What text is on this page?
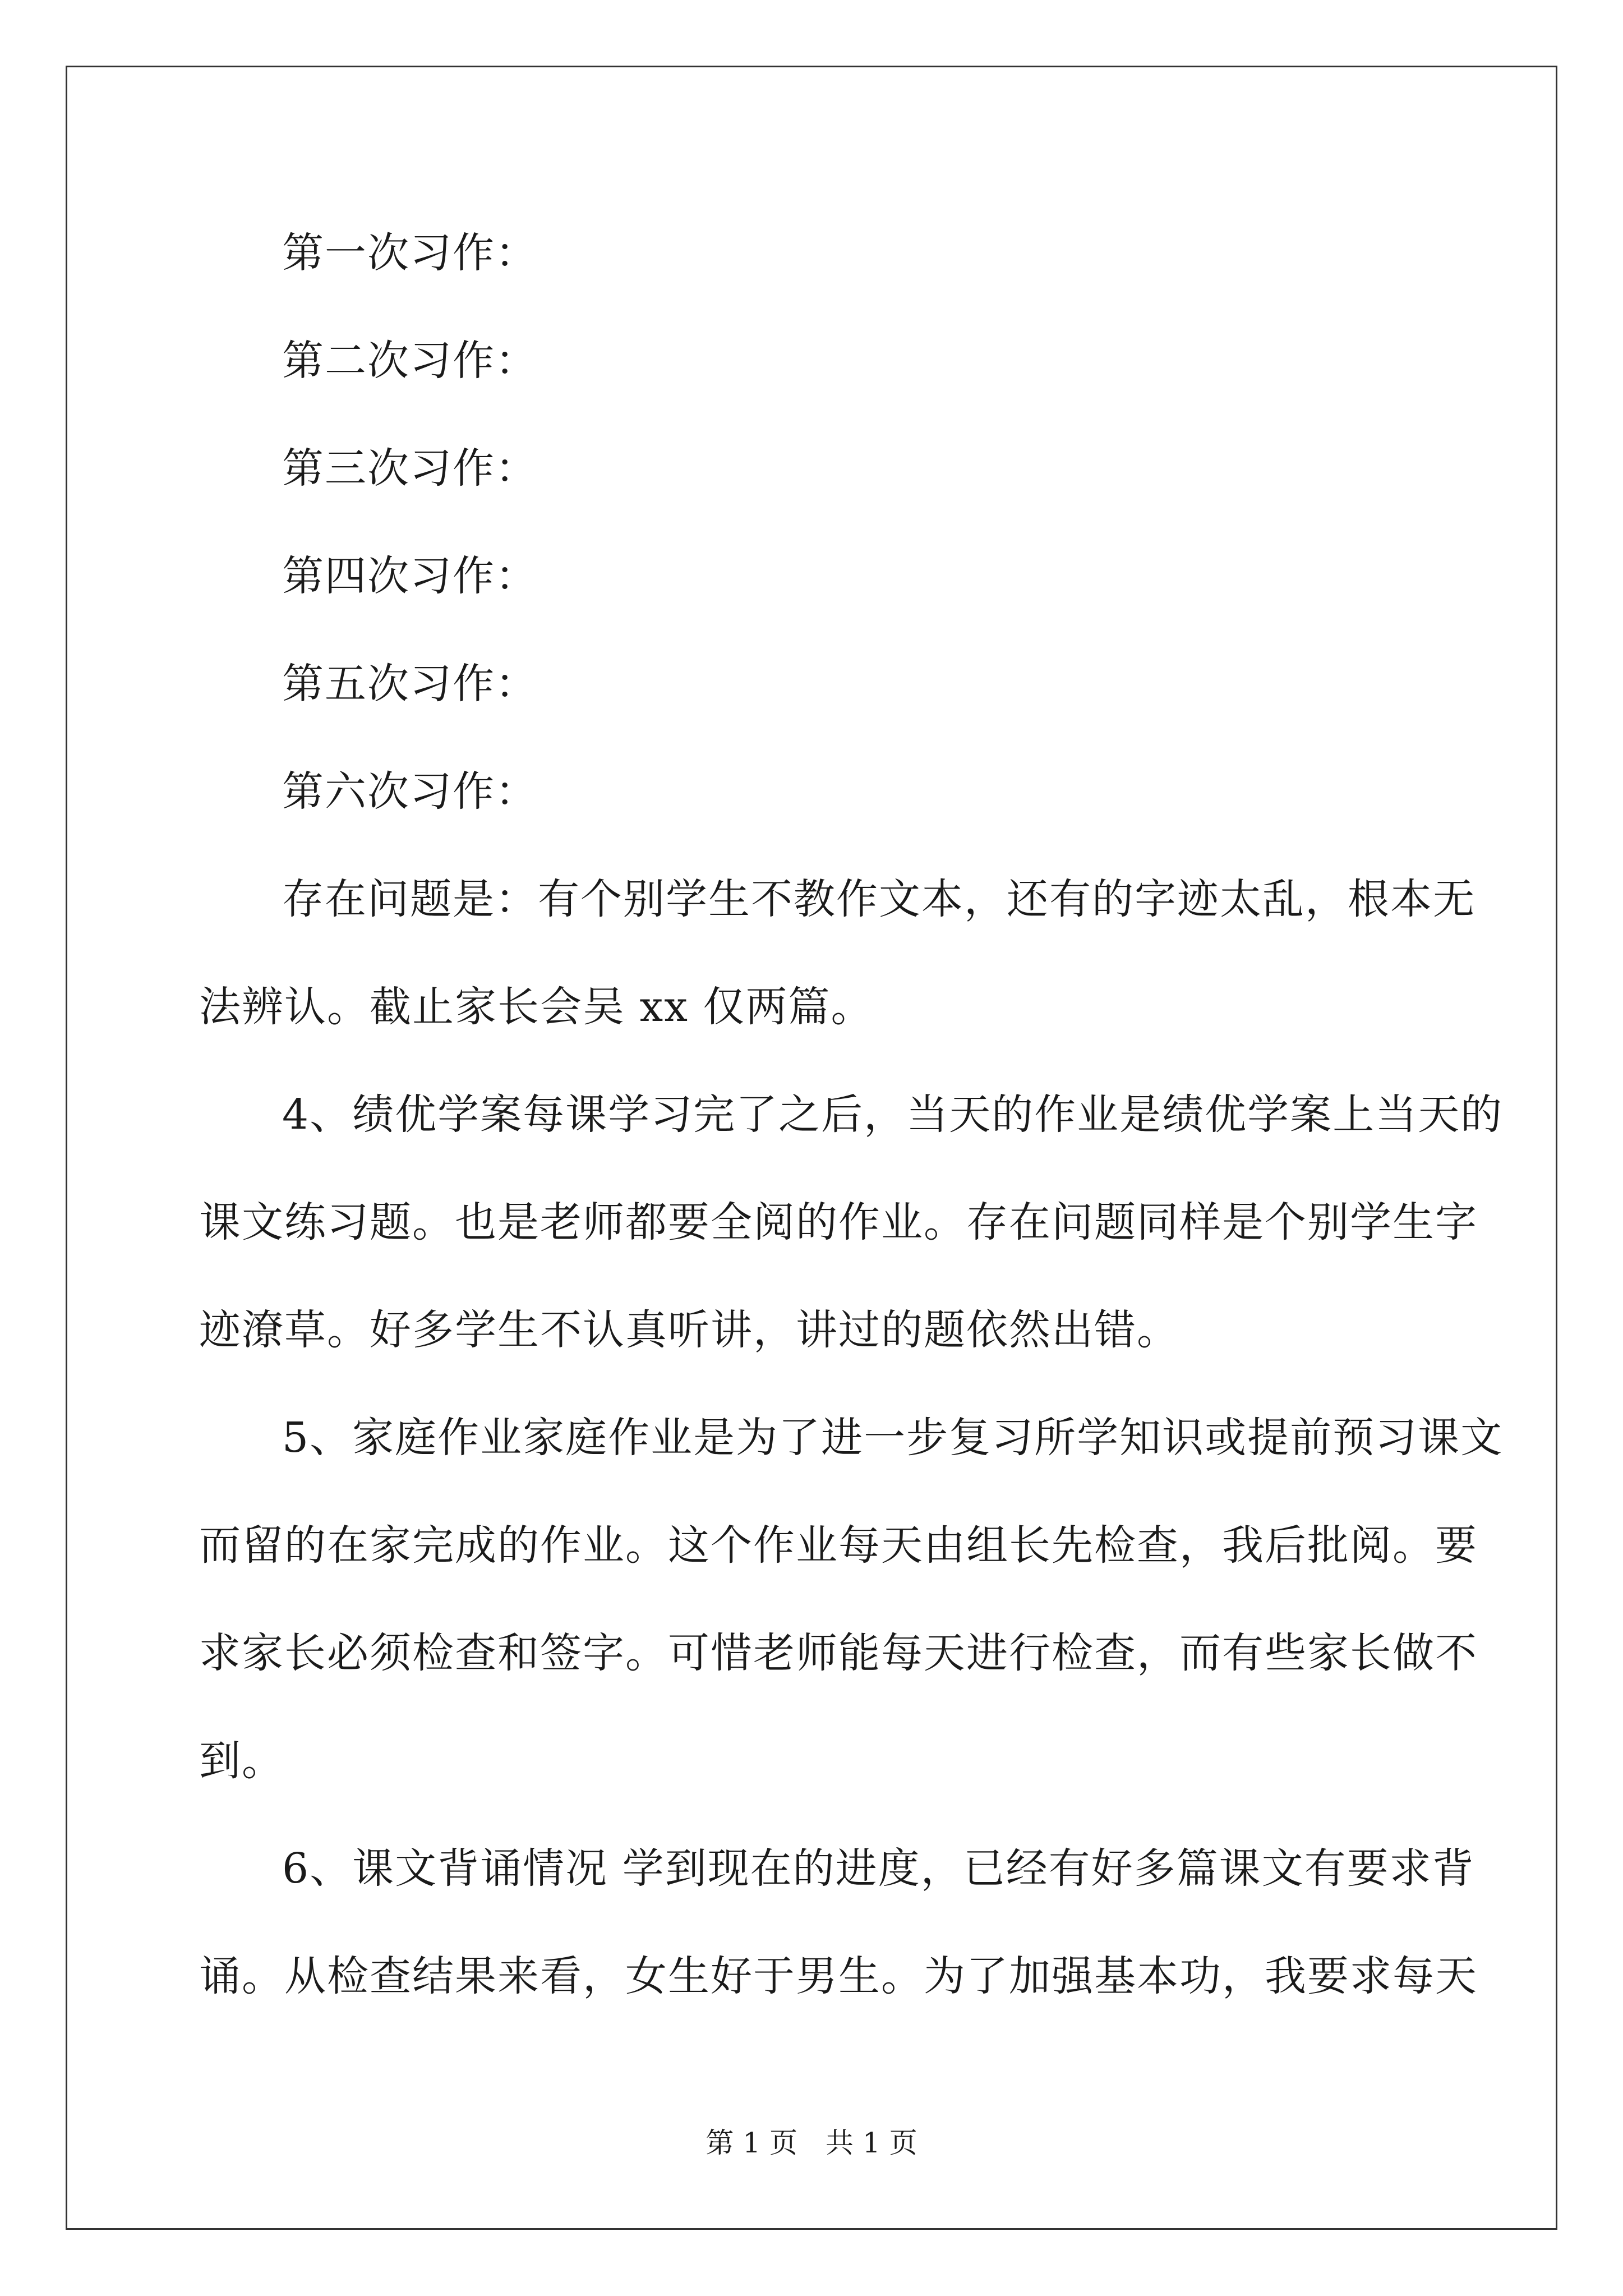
第一次习作：
第二次习作：
第三次习作：
第四次习作：
第五次习作：
第六次习作：
存在问题是：有个别学生不教作文本，还有的字迹太乱，根本无
法辨认。截止家长会吴 xx 仅两篇。
4、绩优学案每课学习完了之后，当天的作业是绩优学案上当天的
课文练习题。也是老师都要全阅的作业。存在问题同样是个别学生字
迹潦草。好多学生不认真听讲，讲过的题依然出错。
5、家庭作业家庭作业是为了进一步复习所学知识或提前预习课文
而留的在家完成的作业。这个作业每天由组长先检查，我后批阅。要
求家长必须检查和签字。可惜老师能每天进行检查，而有些家长做不
到。
6、课文背诵情况 学到现在的进度，已经有好多篇课文有要求背
诵。从检查结果来看，女生好于男生。为了加强基本功，我要求每天
第 1 页 共 1 页
